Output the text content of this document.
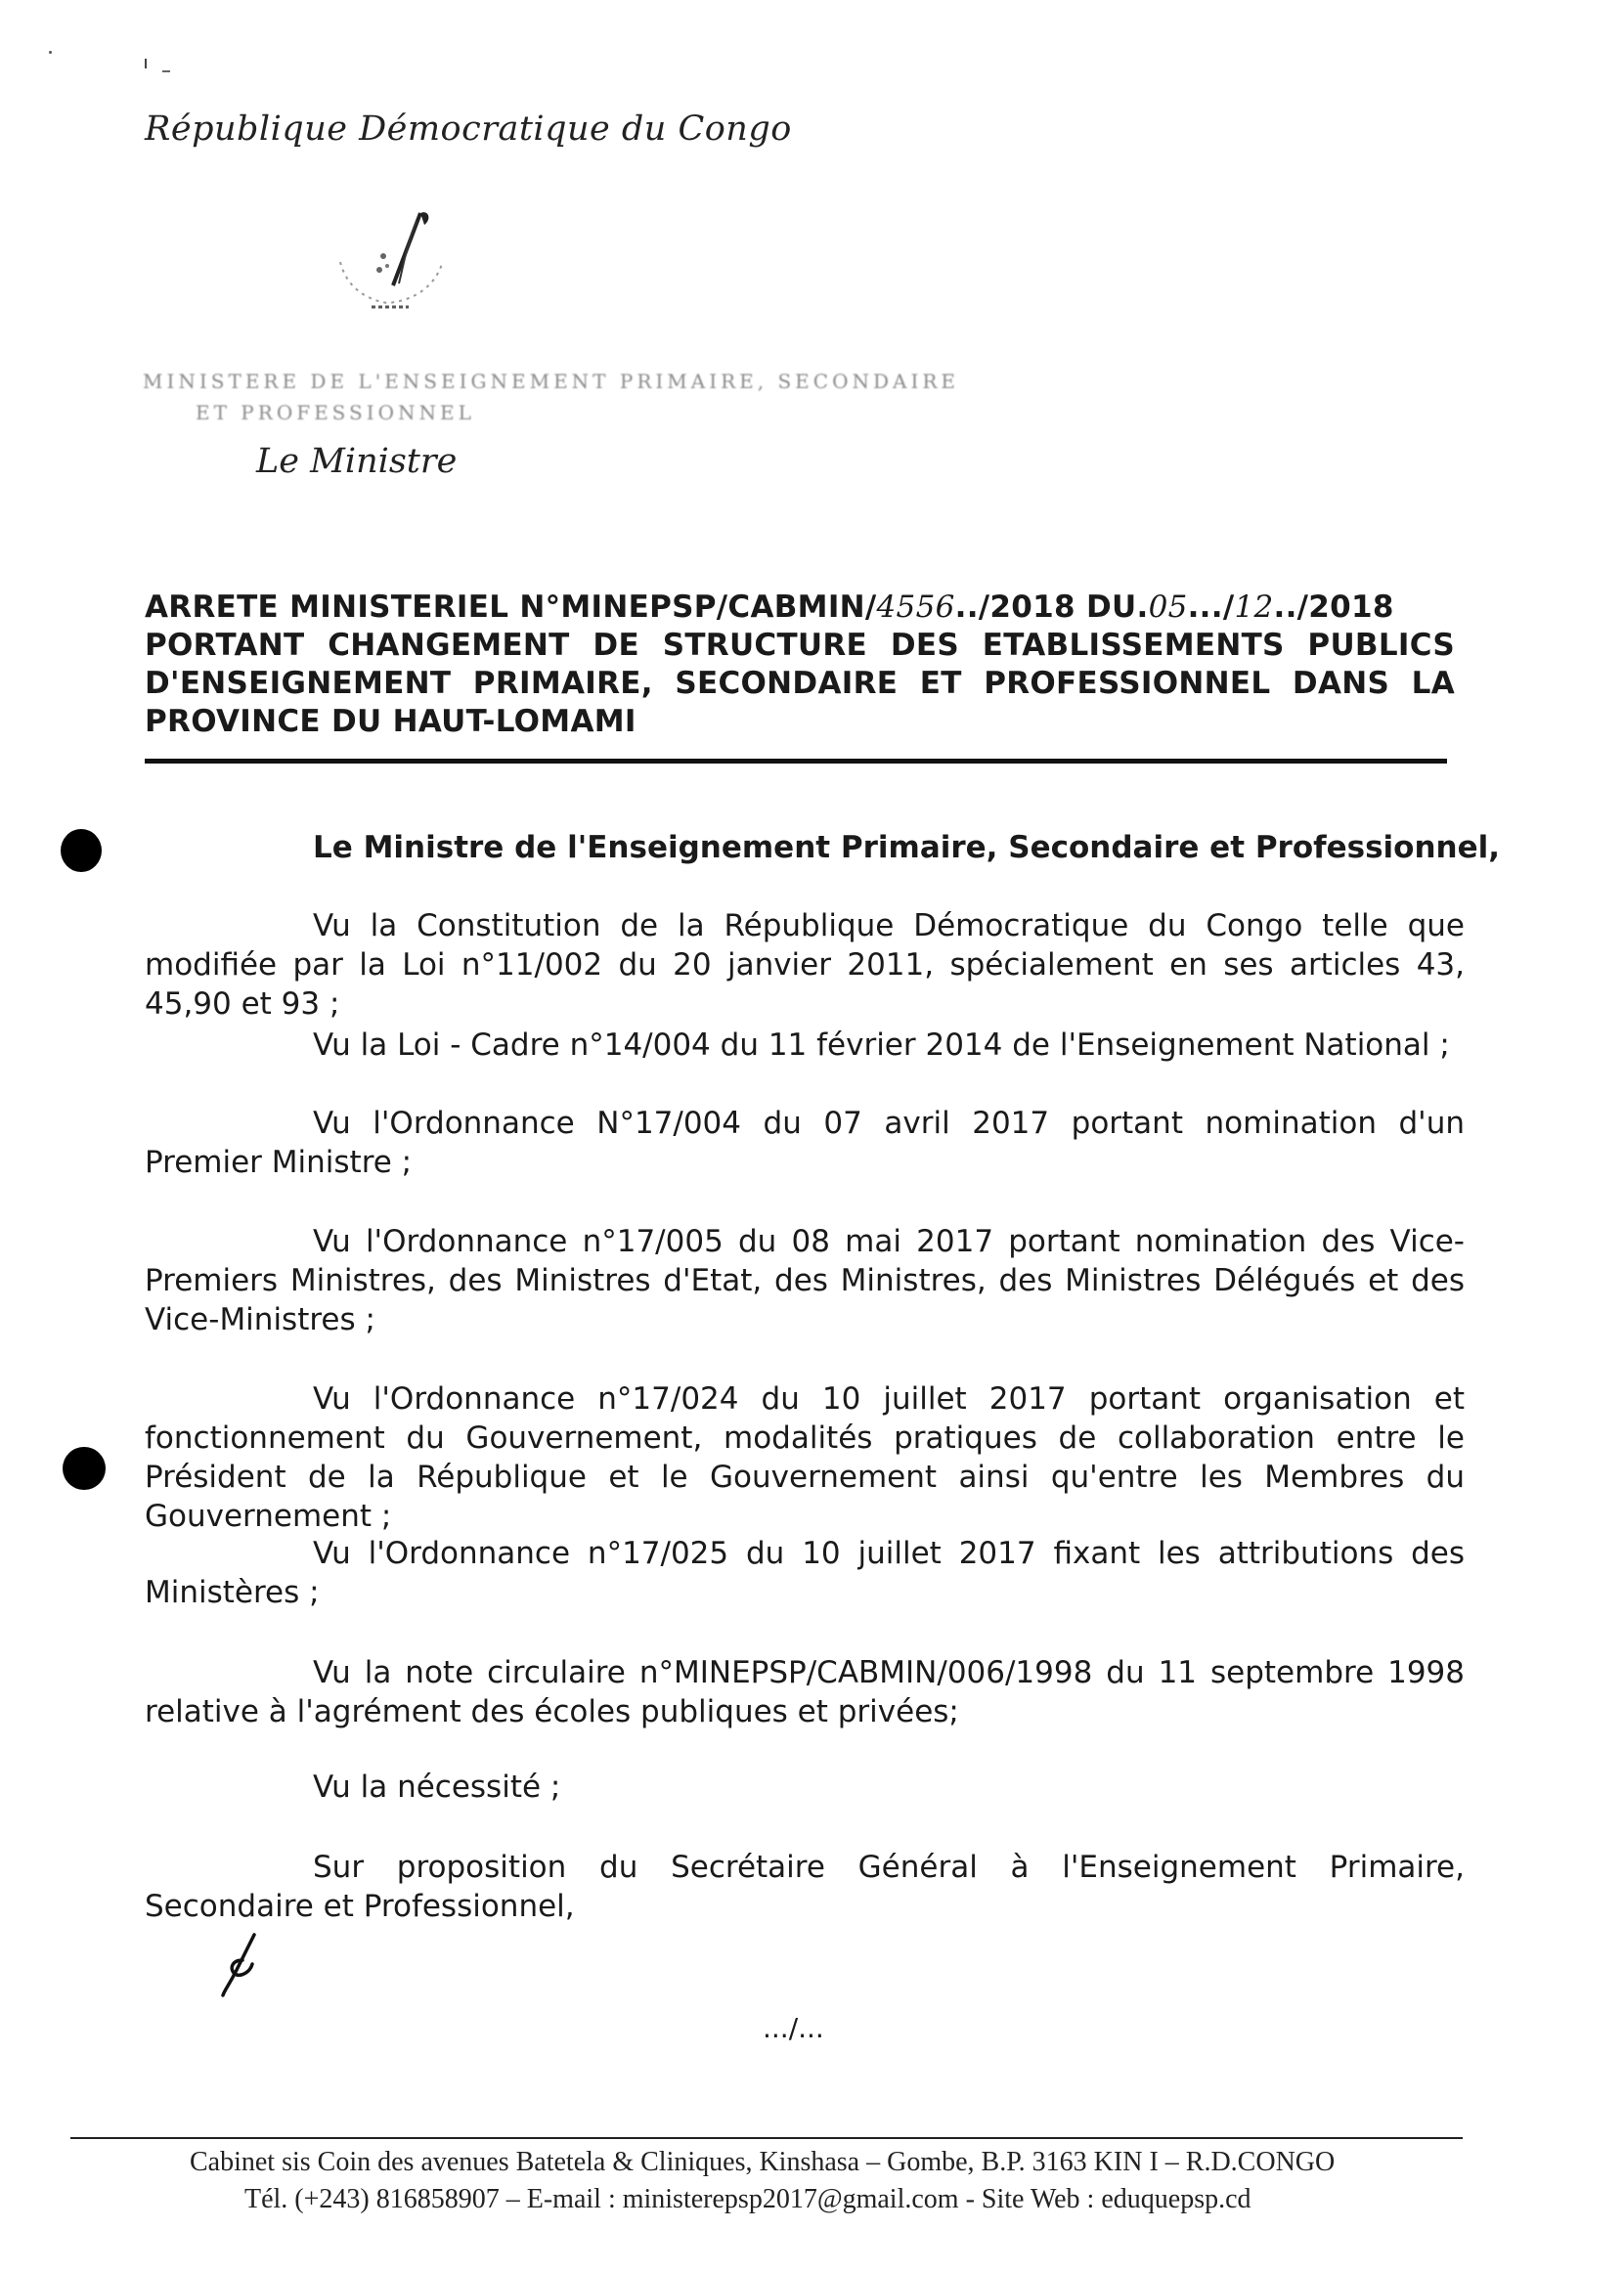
République Démocratique du Congo
MINISTERE DE L'ENSEIGNEMENT PRIMAIRE, SECONDAIRE
ET PROFESSIONNEL
Le Ministre
ARRETE MINISTERIEL N°MINEPSP/CABMIN/4556../2018 DU.05.../12../2018
PORTANT CHANGEMENT DE STRUCTURE DES ETABLISSEMENTS PUBLICS
D'ENSEIGNEMENT PRIMAIRE, SECONDAIRE ET PROFESSIONNEL DANS LA
PROVINCE DU HAUT-LOMAMI
Le Ministre de l'Enseignement Primaire, Secondaire et Professionnel,
Vu la Constitution de la République Démocratique du Congo telle que modifiée par la Loi n°11/002 du 20 janvier 2011, spécialement en ses articles 43, 45,90 et 93 ;
Vu la Loi - Cadre n°14/004 du 11 février 2014 de l'Enseignement National ;
Vu l'Ordonnance N°17/004 du 07 avril 2017 portant nomination d'un Premier Ministre ;
Vu l'Ordonnance n°17/005 du 08 mai 2017 portant nomination des Vice-Premiers Ministres, des Ministres d'Etat, des Ministres, des Ministres Délégués et des Vice-Ministres ;
Vu l'Ordonnance n°17/024 du 10 juillet 2017 portant organisation et fonctionnement du Gouvernement, modalités pratiques de collaboration entre le Président de la République et le Gouvernement ainsi qu'entre les Membres du Gouvernement ;
Vu l'Ordonnance n°17/025 du 10 juillet 2017 fixant les attributions des Ministères ;
Vu la note circulaire n°MINEPSP/CABMIN/006/1998 du 11 septembre 1998 relative à l'agrément des écoles publiques et privées;
Vu la nécessité ;
Sur proposition du Secrétaire Général à l'Enseignement Primaire, Secondaire et Professionnel,
.../...
Cabinet sis Coin des avenues Batetela & Cliniques, Kinshasa – Gombe, B.P. 3163 KIN I – R.D.CONGO
Tél. (+243) 816858907 – E-mail : ministerepsp2017@gmail.com - Site Web : eduquepsp.cd
